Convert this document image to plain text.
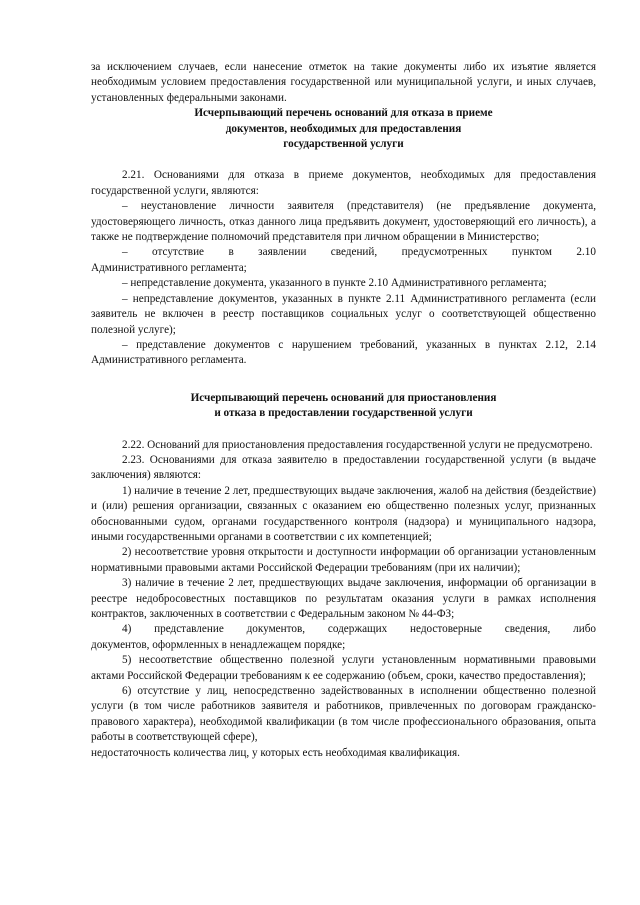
за исключением случаев, если нанесение отметок на такие документы либо их изъятие является необходимым условием предоставления государственной или муниципальной услуги, и иных случаев, установленных федеральными законами.

Исчерпывающий перечень оснований для отказа в приеме

документов, необходимых для предоставления

государственной услуги

2.21. Основаниями для отказа в приеме документов, необходимых для предоставления государственной услуги, являются:

– неустановление личности заявителя (представителя) (не предъявление документа, удостоверяющего личность, отказ данного лица предъявить документ, удостоверяющий его личность), а также не подтверждение полномочий представителя при личном обращении в Министерство;

– отсутствие в заявлении сведений, предусмотренных пунктом 2.10

Административного регламента;

– непредставление документа, указанного в пункте 2.10 Административного регламента;

– непредставление документов, указанных в пункте 2.11 Административного регламента (если заявитель не включен в реестр поставщиков социальных услуг о соответствующей общественно полезной услуге);

– представление документов с нарушением требований, указанных в пунктах 2.12, 2.14 Административного регламента.

Исчерпывающий перечень оснований для приостановления

и отказа в предоставлении государственной услуги

2.22. Оснований для приостановления предоставления государственной услуги не предусмотрено.

2.23. Основаниями для отказа заявителю в предоставлении государственной услуги (в выдаче заключения) являются:

1) наличие в течение 2 лет, предшествующих выдаче заключения, жалоб на действия (бездействие) и (или) решения организации, связанных с оказанием ею общественно полезных услуг, признанных обоснованными судом, органами государственного контроля (надзора) и муниципального надзора, иными государственными органами в соответствии с их компетенцией;

2) несоответствие уровня открытости и доступности информации об организации установленным нормативными правовыми актами Российской Федерации требованиям (при их наличии);

3) наличие в течение 2 лет, предшествующих выдаче заключения, информации об организации в реестре недобросовестных поставщиков по результатам оказания услуги в рамках исполнения контрактов, заключенных в соответствии с Федеральным законом № 44-ФЗ;

4) представление документов, содержащих недостоверные сведения, либо

документов, оформленных в ненадлежащем порядке;

5) несоответствие общественно полезной услуги установленным нормативными правовыми актами Российской Федерации требованиям к ее содержанию (объем, сроки, качество предоставления);

6) отсутствие у лиц, непосредственно задействованных в исполнении общественно полезной услуги (в том числе работников заявителя и работников, привлеченных по договорам гражданско-правового характера), необходимой квалификации (в том числе профессионального образования, опыта работы в соответствующей сфере),

недостаточность количества лиц, у которых есть необходимая квалификация.
